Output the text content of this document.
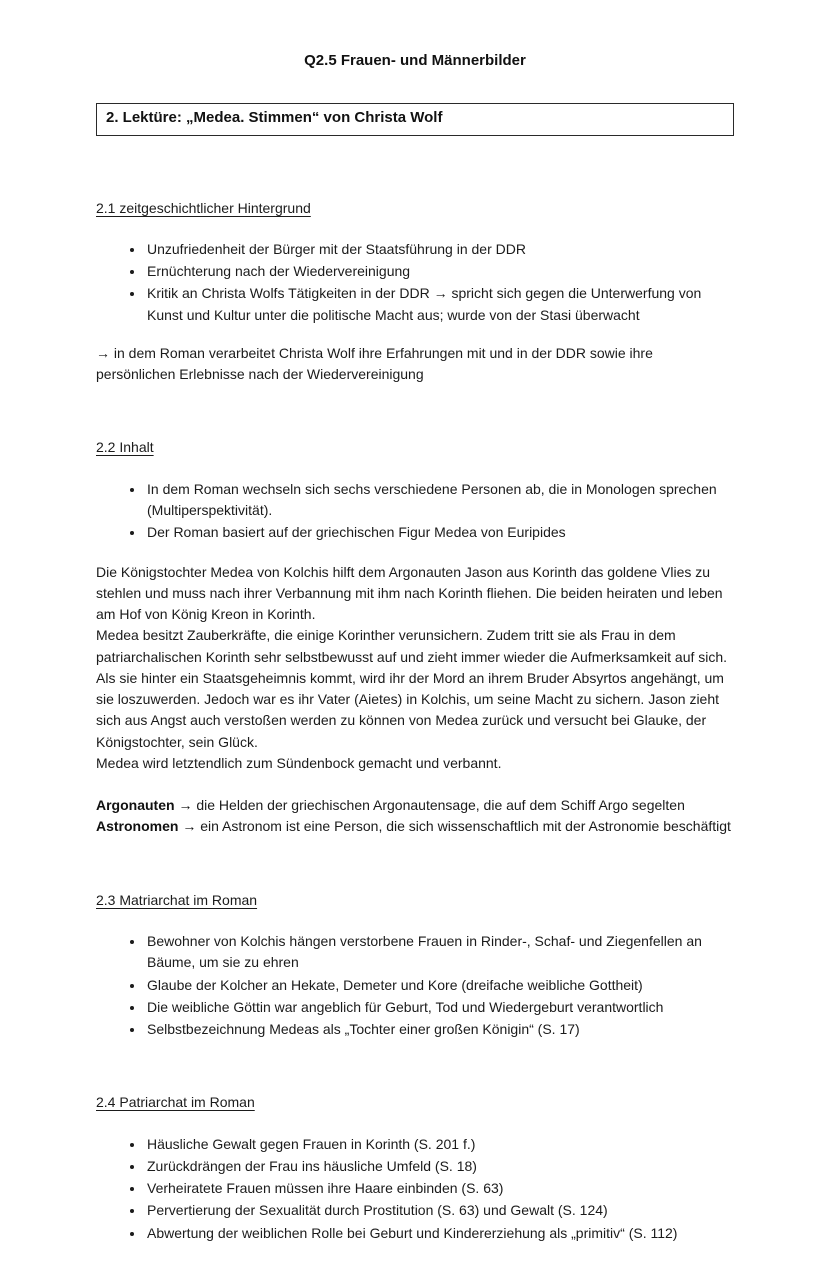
Q2.5 Frauen- und Männerbilder
2. Lektüre: „Medea. Stimmen“ von Christa Wolf
2.1 zeitgeschichtlicher Hintergrund
• Unzufriedenheit der Bürger mit der Staatsführung in der DDR
• Ernüchterung nach der Wiedervereinigung
• Kritik an Christa Wolfs Tätigkeiten in der DDR → spricht sich gegen die Unterwerfung von Kunst und Kultur unter die politische Macht aus; wurde von der Stasi überwacht

→ in dem Roman verarbeitet Christa Wolf ihre Erfahrungen mit und in der DDR sowie ihre persönlichen Erlebnisse nach der Wiedervereinigung

2.2 Inhalt
• In dem Roman wechseln sich sechs verschiedene Personen ab, die in Monologen sprechen (Multiperspektivität).
• Der Roman basiert auf der griechischen Figur Medea von Euripides
Die Königstochter Medea von Kolchis hilft dem Argonauten Jason aus Korinth das goldene Vlies zu stehlen und muss nach ihrer Verbannung mit ihm nach Korinth fliehen. Die beiden heiraten und leben am Hof von König Kreon in Korinth.
Medea besitzt Zauberkräfte, die einige Korinther verunsichern. Zudem tritt sie als Frau in dem patriarchalischen Korinth sehr selbstbewusst auf und zieht immer wieder die Aufmerksamkeit auf sich. Als sie hinter ein Staatsgeheimnis kommt, wird ihr der Mord an ihrem Bruder Absyrtos angehängt, um sie loszuwerden. Jedoch war es ihr Vater (Aietes) in Kolchis, um seine Macht zu sichern. Jason zieht sich aus Angst auch verstoßen werden zu können von Medea zurück und versucht bei Glauke, der Königstochter, sein Glück.
Medea wird letztendlich zum Sündenbock gemacht und verbannt.
Argonauten → die Helden der griechischen Argonautensage, die auf dem Schiff Argo segelten
Astronomen → ein Astronom ist eine Person, die sich wissenschaftlich mit der Astronomie beschäftigt
2.3 Matriarchat im Roman
• Bewohner von Kolchis hängen verstorbene Frauen in Rinder-, Schaf- und Ziegenfellen an Bäume, um sie zu ehren
• Glaube der Kolcher an Hekate, Demeter und Kore (dreifache weibliche Gottheit)
• Die weibliche Göttin war angeblich für Geburt, Tod und Wiedergeburt verantwortlich
• Selbstbezeichnung Medeas als „Tochter einer großen Königin“ (S. 17)
2.4 Patriarchat im Roman
• Häusliche Gewalt gegen Frauen in Korinth (S. 201 f.)
• Zurückdrängen der Frau ins häusliche Umfeld (S. 18)
• Verheiratete Frauen müssen ihre Haare einbinden (S. 63)
• Pervertierung der Sexualität durch Prostitution (S. 63) und Gewalt (S. 124)
• Abwertung der weiblichen Rolle bei Geburt und Kindererziehung als „primitiv“ (S. 112)
